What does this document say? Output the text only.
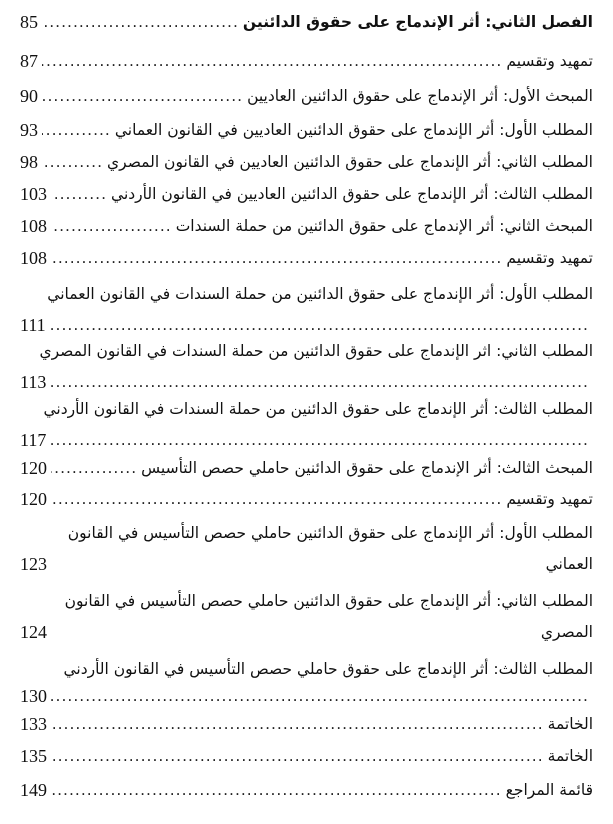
الفصل الثاني: أثر الإندماج على حقوق الدائنين
.....
85
تمهيد وتقسيم
.....
87
المبحث الأول: أثر الإندماج على حقوق الدائنين العاديين
.....
90
المطلب الأول: أثر الإندماج على حقوق الدائنين العاديين في القانون العماني
.....
93
المطلب الثاني: أثر الإندماج على حقوق الدائنين العاديين في القانون المصري
.....
98
المطلب الثالث: أثر الإندماج على حقوق الدائنين العاديين في القانون الأردني
.....
103
المبحث الثاني: أثر الإندماج على حقوق الدائنين من حملة السندات
.....
108
تمهيد وتقسيم
.....
108
المطلب الأول: أثر الإندماج على حقوق الدائنين من حملة السندات في القانون العماني
.....
111
المطلب الثاني: اثر الإندماج على حقوق الدائنين من حملة السندات في القانون المصري
.....
113
المطلب الثالث: أثر الإندماج على حقوق الدائنين من حملة السندات في القانون الأردني
.....
117
المبحث الثالث: أثر الإندماج على حقوق الدائنين حاملي حصص التأسيس
.....
120
تمهيد وتقسيم
.....
120
المطلب الأول: أثر الإندماج على حقوق الدائنين حاملي حصص التأسيس في القانون
العماني
123
المطلب الثاني: أثر الإندماج على حقوق الدائنين حاملي حصص التأسيس في القانون
المصري
124
المطلب الثالث: أثر الإندماج على حقوق حاملي حصص التأسيس في القانون الأردني
.....
130
الخاتمة
.....
133
الخاتمة
.....
135
قائمة المراجع
.....
149
